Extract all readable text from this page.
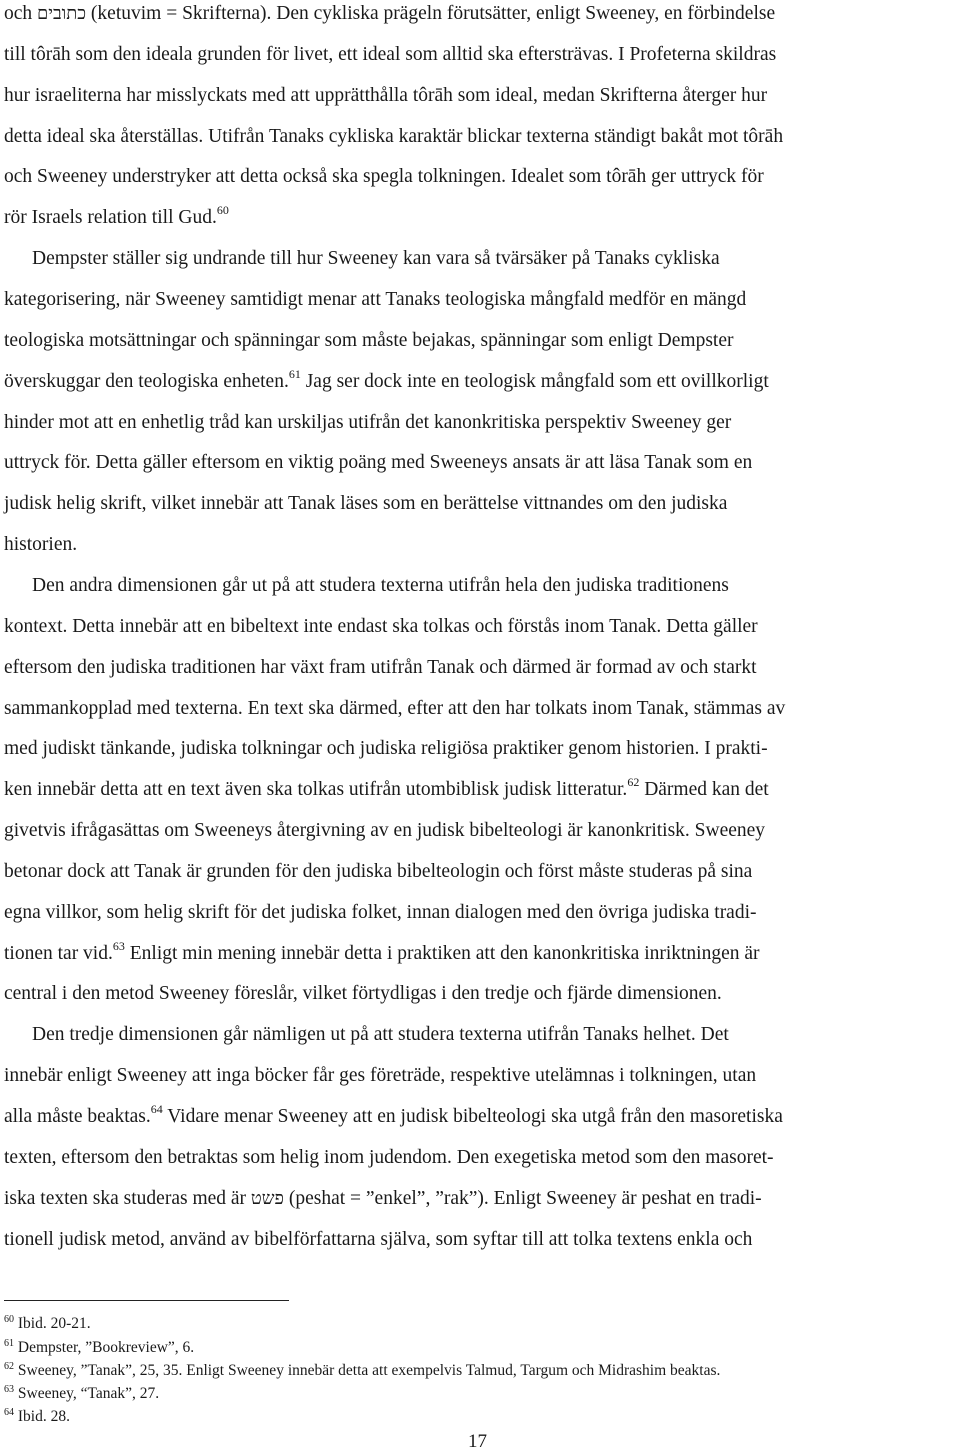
och כתובים (ketuvim = Skrifterna). Den cykliska prägeln förutsätter, enligt Sweeney, en förbindelse
till tôrāh som den ideala grunden för livet, ett ideal som alltid ska eftersträvas. I Profeterna skildras
hur israeliterna har misslyckats med att upprätthålla tôrāh som ideal, medan Skrifterna återger hur
detta ideal ska återställas. Utifrån Tanaks cykliska karaktär blickar texterna ständigt bakåt mot tôrāh
och Sweeney understryker att detta också ska spegla tolkningen. Idealet som tôrāh ger uttryck för
rör Israels relation till Gud.$^{60}$
Dempster ställer sig undrande till hur Sweeney kan vara så tvärsäker på Tanaks cykliska
kategorisering, när Sweeney samtidigt menar att Tanaks teologiska mångfald medför en mängd
teologiska motsättningar och spänningar som måste bejakas, spänningar som enligt Dempster
överskuggar den teologiska enheten.$^{61}$ Jag ser dock inte en teologisk mångfald som ett ovillkorligt
hinder mot att en enhetlig tråd kan urskiljas utifrån det kanonkritiska perspektiv Sweeney ger
uttryck för. Detta gäller eftersom en viktig poäng med Sweeneys ansats är att läsa Tanak som en
judisk helig skrift, vilket innebär att Tanak läses som en berättelse vittnandes om den judiska
historien.
Den andra dimensionen går ut på att studera texterna utifrån hela den judiska traditionens
kontext. Detta innebär att en bibeltext inte endast ska tolkas och förstås inom Tanak. Detta gäller
eftersom den judiska traditionen har växt fram utifrån Tanak och därmed är formad av och starkt
sammankopplad med texterna. En text ska därmed, efter att den har tolkats inom Tanak, stämmas av
med judiskt tänkande, judiska tolkningar och judiska religiösa praktiker genom historien. I prakti-
ken innebär detta att en text även ska tolkas utifrån utombiblisk judisk litteratur.$^{62}$ Därmed kan det
givetvis ifrågasättas om Sweeneys återgivning av en judisk bibelteologi är kanonkritisk. Sweeney
betonar dock att Tanak är grunden för den judiska bibelteologin och först måste studeras på sina
egna villkor, som helig skrift för det judiska folket, innan dialogen med den övriga judiska tradi-
tionen tar vid.$^{63}$ Enligt min mening innebär detta i praktiken att den kanonkritiska inriktningen är
central i den metod Sweeney föreslår, vilket förtydligas i den tredje och fjärde dimensionen.
Den tredje dimensionen går nämligen ut på att studera texterna utifrån Tanaks helhet. Det
innebär enligt Sweeney att inga böcker får ges företräde, respektive utelämnas i tolkningen, utan
alla måste beaktas.$^{64}$ Vidare menar Sweeney att en judisk bibelteologi ska utgå från den masoretiska
texten, eftersom den betraktas som helig inom judendom. Den exegetiska metod som den masoret-
iska texten ska studeras med är פשט (peshat = ”enkel”, ”rak”). Enligt Sweeney är peshat en tradi-
tionell judisk metod, använd av bibelförfattarna själva, som syftar till att tolka textens enkla och
$^{60}$ Ibid. 20-21.
$^{61}$ Dempster, ”Bookreview”, 6.
$^{62}$ Sweeney, ”Tanak”, 25, 35. Enligt Sweeney innebär detta att exempelvis Talmud, Targum och Midrashim beaktas.
$^{63}$ Sweeney, “Tanak”, 27.
$^{64}$ Ibid. 28.
17
